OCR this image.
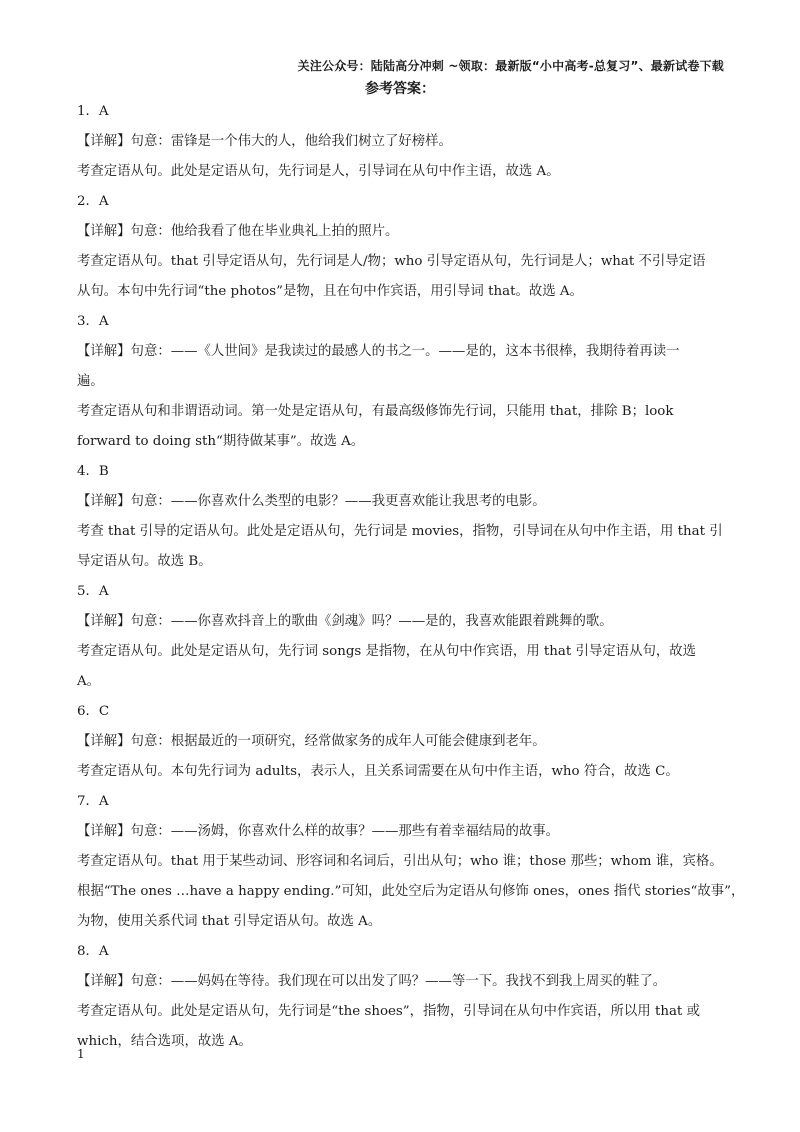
关注公众号：陆陆高分冲刺 ~领取：最新版“小中高考-总复习”、最新试卷下载
参考答案：
1．A
【详解】句意：雷锋是一个伟大的人，他给我们树立了好榜样。
考查定语从句。此处是定语从句，先行词是人，引导词在从句中作主语，故选 A。
2．A
【详解】句意：他给我看了他在毕业典礼上拍的照片。
考查定语从句。that 引导定语从句，先行词是人/物；who 引导定语从句，先行词是人；what 不引导定语
从句。本句中先行词“the photos”是物，且在句中作宾语，用引导词 that。故选 A。
3．A
【详解】句意：——《人世间》是我读过的最感人的书之一。——是的，这本书很棒，我期待着再读一
遍。
考查定语从句和非谓语动词。第一处是定语从句，有最高级修饰先行词，只能用 that，排除 B；look
forward to doing sth“期待做某事”。故选 A。
4．B
【详解】句意：——你喜欢什么类型的电影？——我更喜欢能让我思考的电影。
考查 that 引导的定语从句。此处是定语从句，先行词是 movies，指物，引导词在从句中作主语，用 that 引
导定语从句。故选 B。
5．A
【详解】句意：——你喜欢抖音上的歌曲《剑魂》吗？——是的，我喜欢能跟着跳舞的歌。
考查定语从句。此处是定语从句，先行词 songs 是指物，在从句中作宾语，用 that 引导定语从句，故选
A。
6．C
【详解】句意：根据最近的一项研究，经常做家务的成年人可能会健康到老年。
考查定语从句。本句先行词为 adults，表示人，且关系词需要在从句中作主语，who 符合，故选 C。
7．A
【详解】句意：——汤姆，你喜欢什么样的故事？——那些有着幸福结局的故事。
考查定语从句。that 用于某些动词、形容词和名词后，引出从句；who 谁；those 那些；whom 谁，宾格。
根据“The ones …have a happy ending.”可知，此处空后为定语从句修饰 ones，ones 指代 stories“故事”，
为物，使用关系代词 that 引导定语从句。故选 A。
8．A
【详解】句意：——妈妈在等待。我们现在可以出发了吗？——等一下。我找不到我上周买的鞋了。
考查定语从句。此处是定语从句，先行词是“the shoes”，指物，引导词在从句中作宾语，所以用 that 或
which，结合选项，故选 A。
1
